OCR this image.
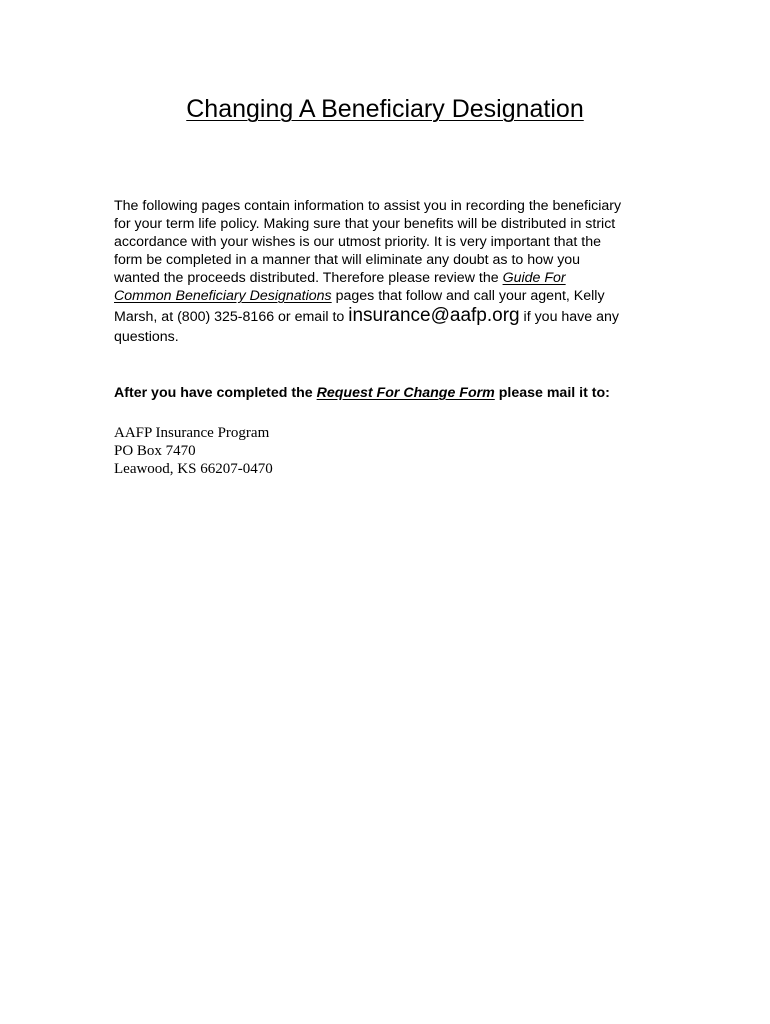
Changing A Beneficiary Designation

The following pages contain information to assist you in recording the beneficiary
for your term life policy. Making sure that your benefits will be distributed in strict
accordance with your wishes is our utmost priority. It is very important that the
form be completed in a manner that will eliminate any doubt as to how you
wanted the proceeds distributed. Therefore please review the Guide For
Common Beneficiary Designations pages that follow and call your agent, Kelly
Marsh, at (800) 325-8166 or email to insurance@aafp.org if you have any
questions.

After you have completed the Request For Change Form please mail it to:

AAFP Insurance Program
PO Box 7470
Leawood, KS 66207-0470
